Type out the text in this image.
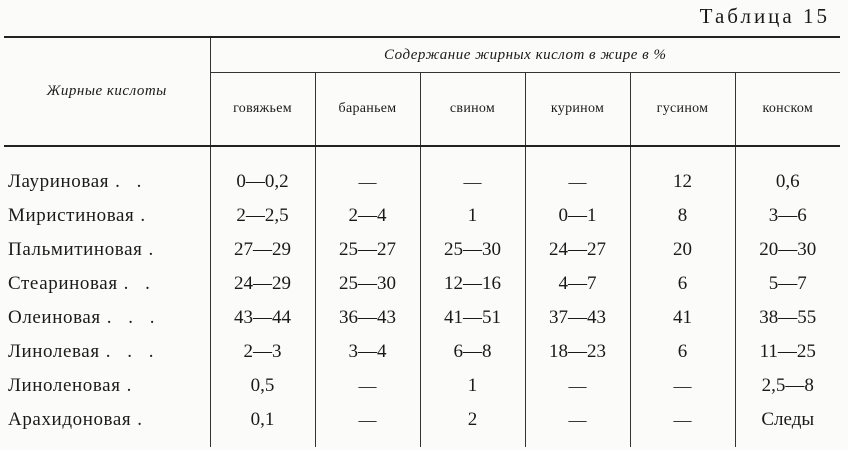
Таблица 15
Жирные кислоты	Содержание жирных кислот в жире в %					
	говяжьем	бараньем	свином	курином	гусином	конском

Лауриновая . .	0—0,2	—	—	—	12	0,6
Миристиновая .	2—2,5	2—4	1	0—1	8	3—6
Пальмитиновая .	27—29	25—27	25—30	24—27	20	20—30
Стеариновая . .	24—29	25—30	12—16	4—7	6	5—7
Олеиновая . . .	43—44	36—43	41—51	37—43	41	38—55
Линолевая . . .	2—3	3—4	6—8	18—23	6	11—25
Линоленовая .	0,5	—	1	—	—	2,5—8
Арахидоновая .	0,1	—	2	—	—	Следы
